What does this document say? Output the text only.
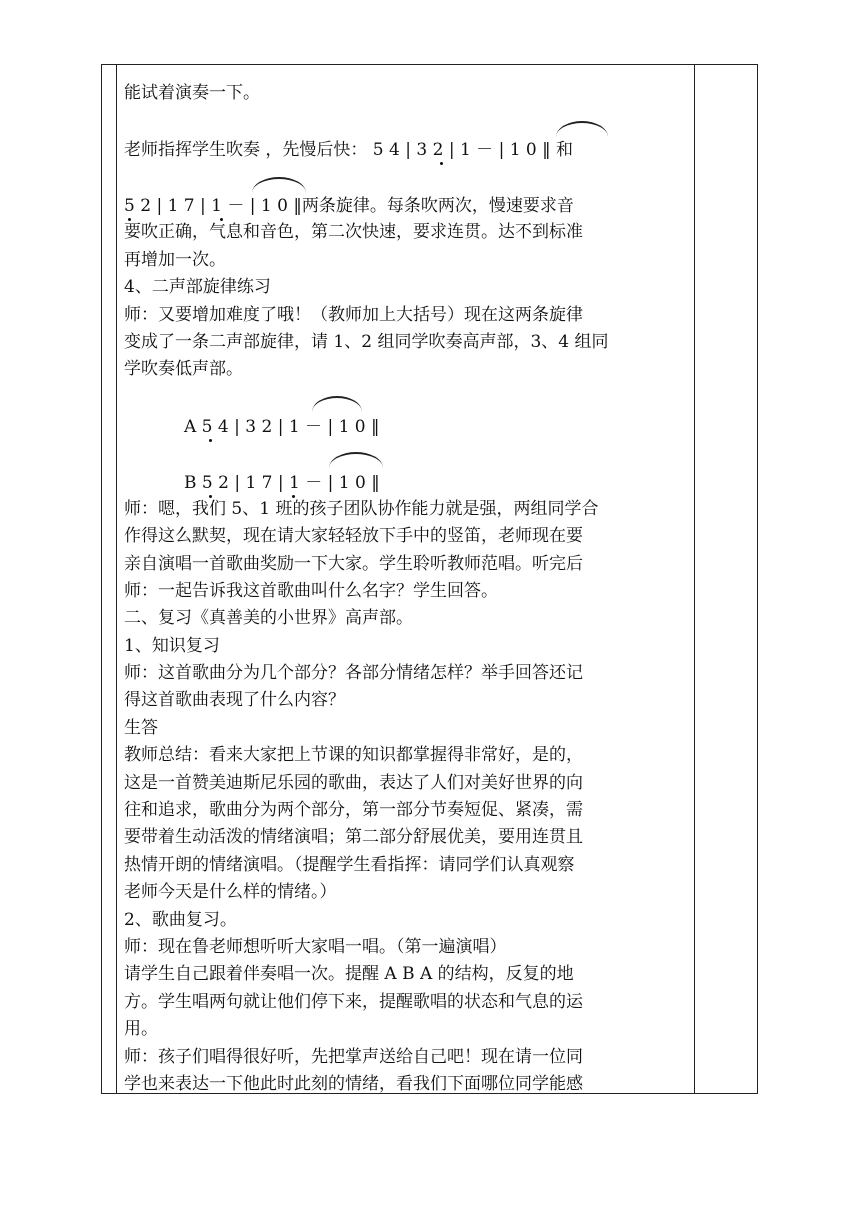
能试着演奏一下。
老师指挥学生吹奏 ，先慢后快： 5 4 | 3 2 | 1 － | 1 0 ‖ 和
5 2 | 1 7 | 1 － | 1 0 ‖两条旋律。每条吹两次，慢速要求音
要吹正确，气息和音色，第二次快速，要求连贯。达不到标准
再增加一次。
4、二声部旋律练习
师：又要增加难度了哦！（教师加上大括号）现在这两条旋律
变成了一条二声部旋律，请 1、2 组同学吹奏高声部，3、4 组同
学吹奏低声部。
A 5 4 | 3 2 | 1 － | 1 0 ‖
B 5 2 | 1 7 | 1 － | 1 0 ‖
师：嗯，我们 5、1 班的孩子团队协作能力就是强，两组同学合
作得这么默契，现在请大家轻轻放下手中的竖笛，老师现在要
亲自演唱一首歌曲奖励一下大家。学生聆听教师范唱。听完后
师：一起告诉我这首歌曲叫什么名字？学生回答。
二、复习《真善美的小世界》高声部。
1、知识复习
师：这首歌曲分为几个部分？各部分情绪怎样？举手回答还记
得这首歌曲表现了什么内容？
生答
教师总结：看来大家把上节课的知识都掌握得非常好，是的，
这是一首赞美迪斯尼乐园的歌曲，表达了人们对美好世界的向
往和追求，歌曲分为两个部分，第一部分节奏短促、紧凑，需
要带着生动活泼的情绪演唱；第二部分舒展优美，要用连贯且
热情开朗的情绪演唱。（提醒学生看指挥：请同学们认真观察
老师今天是什么样的情绪。）
2、歌曲复习。
师：现在鲁老师想听听大家唱一唱。（第一遍演唱）
请学生自己跟着伴奏唱一次。提醒 A B A 的结构，反复的地
方。学生唱两句就让他们停下来，提醒歌唱的状态和气息的运
用。
师：孩子们唱得很好听，先把掌声送给自己吧！现在请一位同
学也来表达一下他此时此刻的情绪，看我们下面哪位同学能感
